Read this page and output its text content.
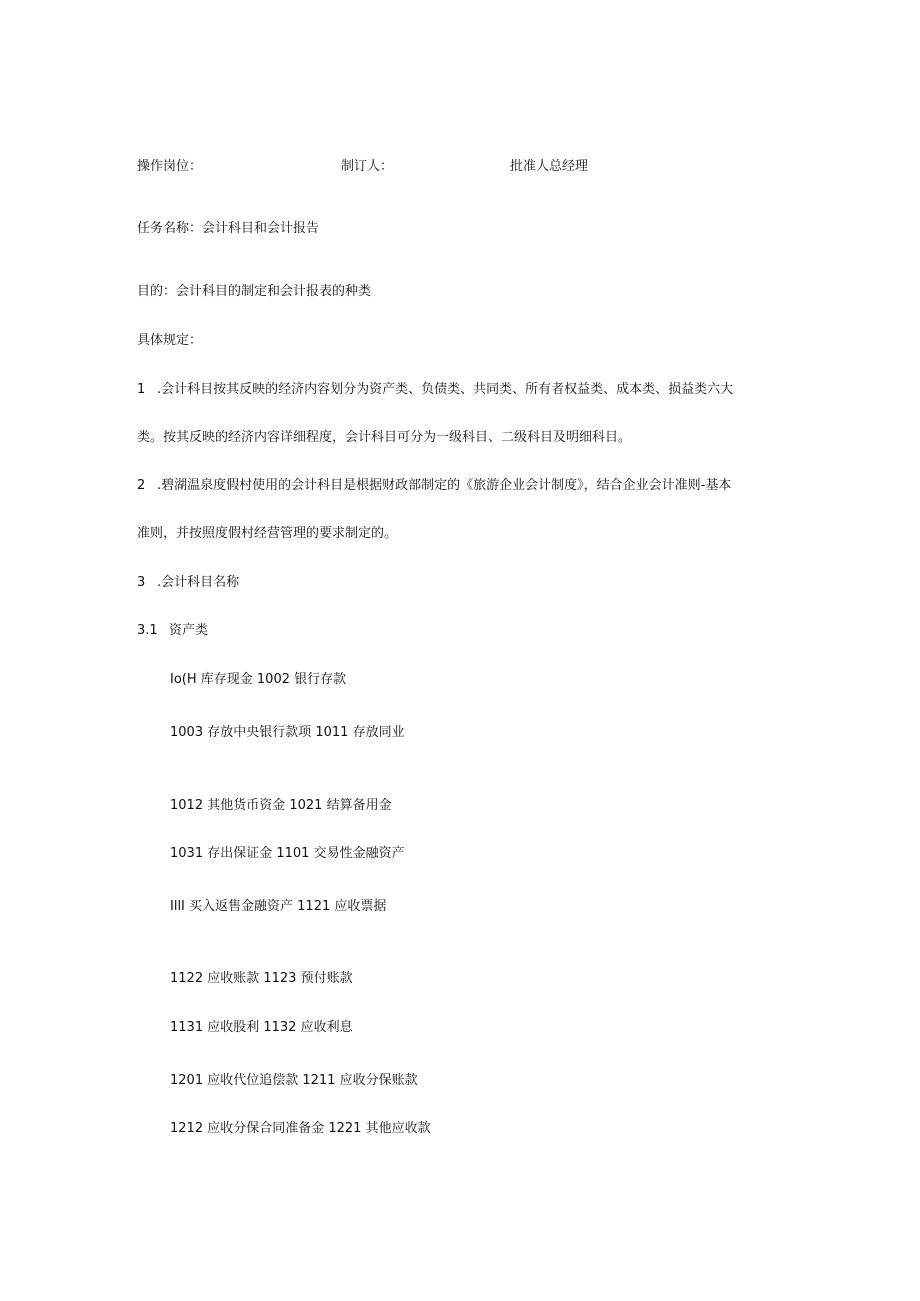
操作岗位：	制订人：	批准人总经理
任务名称：会计科目和会计报告
目的：会计科目的制定和会计报表的种类
具体规定：
1 .会计科目按其反映的经济内容划分为资产类、负债类、共同类、所有者权益类、成本类、损益类六大
类。按其反映的经济内容详细程度，会计科目可分为一级科目、二级科目及明细科目。
2 .碧湖温泉度假村使用的会计科目是根据财政部制定的《旅游企业会计制度》，结合企业会计准则-基本
准则，并按照度假村经营管理的要求制定的。
3 .会计科目名称
3.1 资产类
Io(H 库存现金 1002 银行存款
1003 存放中央银行款项 1011 存放同业
1012 其他货币资金 1021 结算备用金
1031 存出保证金 1101 交易性金融资产
IllI 买入返售金融资产 1121 应收票据
1122 应收账款 1123 预付账款
1131 应收股利 1132 应收利息
1201 应收代位追偿款 1211 应收分保账款
1212 应收分保合同准备金 1221 其他应收款
